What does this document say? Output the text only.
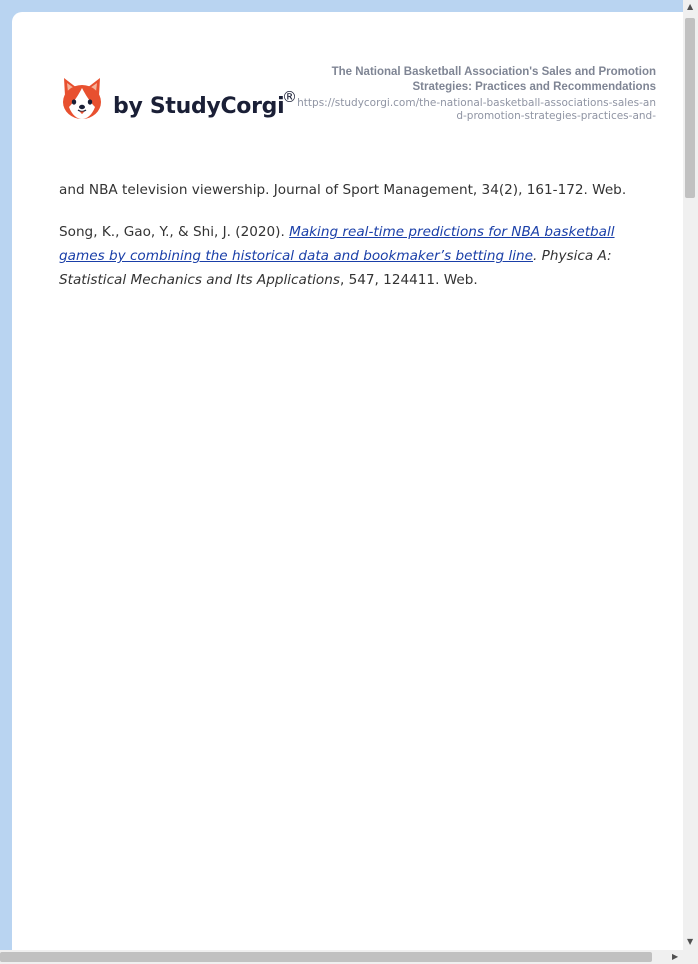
by StudyCorgi
®
The National Basketball Association's Sales and Promotion Strategies: Practices and Recommendations
https://studycorgi.com/the-national-basketball-associations-sales-and-promotion-strategies-practices-and-

and NBA television viewership. Journal of Sport Management, 34(2), 161-172. Web.

Song, K., Gao, Y., & Shi, J. (2020). Making real-time predictions for NBA basketball games by combining the historical data and bookmaker’s betting line. Physica A: Statistical Mechanics and Its Applications, 547, 124411. Web.

▲
▼
▶
